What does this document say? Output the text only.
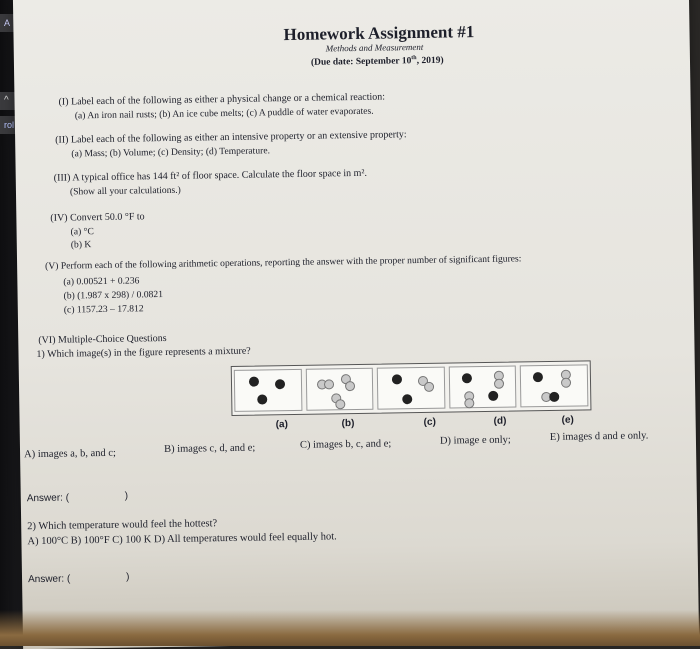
A
^
rol
Homework Assignment #1
Methods and Measurement
(Due date: September 10th, 2019)
(I) Label each of the following as either a physical change or a chemical reaction:
(a) An iron nail rusts; (b) An ice cube melts; (c) A puddle of water evaporates.
(II) Label each of the following as either an intensive property or an extensive property:
(a) Mass; (b) Volume; (c) Density; (d) Temperature.
(III) A typical office has 144 ft² of floor space. Calculate the floor space in m².
(Show all your calculations.)
(IV) Convert 50.0 °F to
(a) °C
(b) K
(V) Perform each of the following arithmetic operations, reporting the answer with the proper number of significant figures:
(a) 0.00521 + 0.236
(b) (1.987 x 298) / 0.0821
(c) 1157.23 – 17.812
(VI) Multiple-Choice Questions
1) Which image(s) in the figure represents a mixture?
(a)	(b)	(c)	(d)	(e)
A) images a, b, and c;	B) images c, d, and e;	C) images b, c, and e;	D) image e only;	E) images d and e only.
Answer: (	)
2) Which temperature would feel the hottest?
A) 100°C B) 100°F C) 100 K D) All temperatures would feel equally hot.
Answer: (	)
